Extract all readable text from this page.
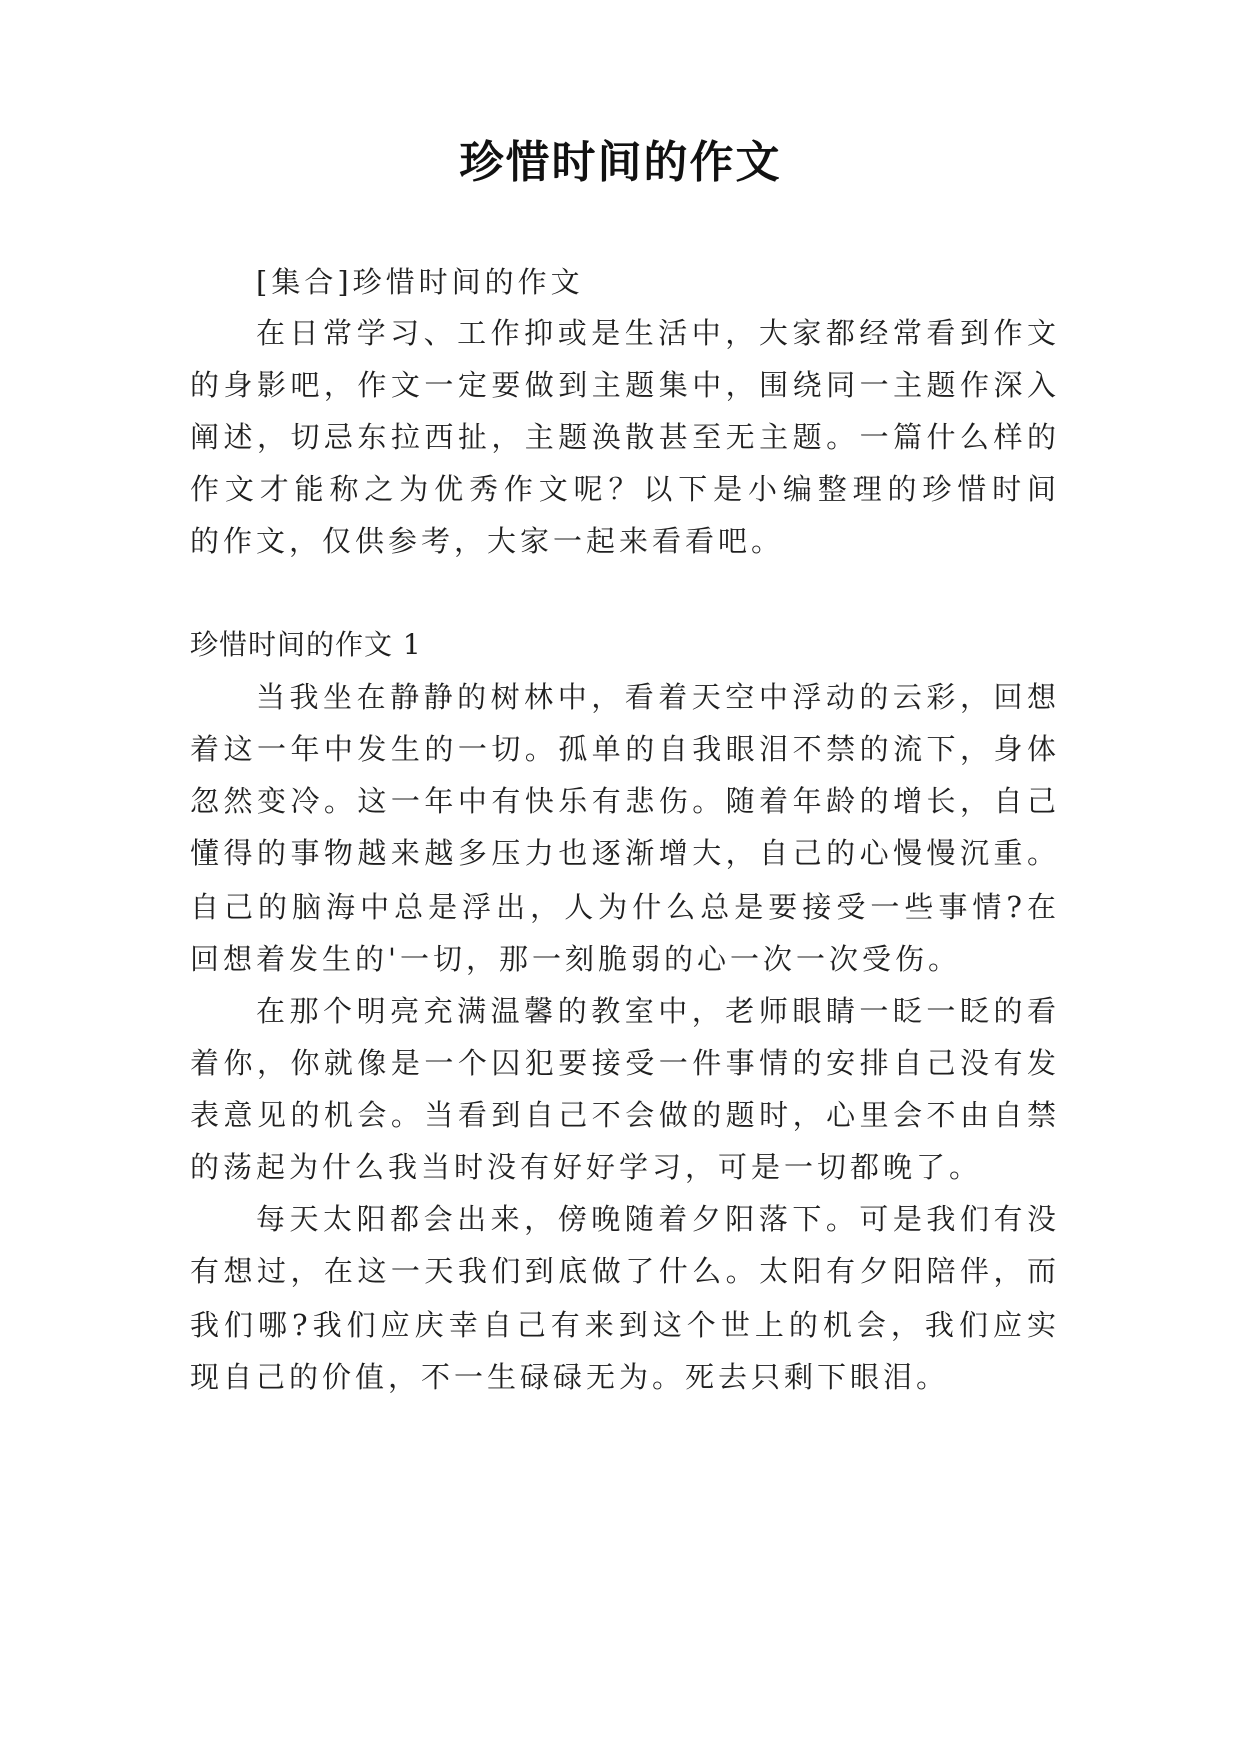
珍惜时间的作文
[集合]珍惜时间的作文
在日常学习、工作抑或是生活中，大家都经常看到作文
的身影吧，作文一定要做到主题集中，围绕同一主题作深入
阐述，切忌东拉西扯，主题涣散甚至无主题。一篇什么样的
作文才能称之为优秀作文呢？以下是小编整理的珍惜时间
的作文，仅供参考，大家一起来看看吧。
珍惜时间的作文 1
当我坐在静静的树林中，看着天空中浮动的云彩，回想
着这一年中发生的一切。孤单的自我眼泪不禁的流下，身体
忽然变冷。这一年中有快乐有悲伤。随着年龄的增长，自己
懂得的事物越来越多压力也逐渐增大，自己的心慢慢沉重。
自己的脑海中总是浮出，人为什么总是要接受一些事情?在
回想着发生的'一切，那一刻脆弱的心一次一次受伤。
在那个明亮充满温馨的教室中，老师眼睛一眨一眨的看
着你，你就像是一个囚犯要接受一件事情的安排自己没有发
表意见的机会。当看到自己不会做的题时，心里会不由自禁
的荡起为什么我当时没有好好学习，可是一切都晚了。
每天太阳都会出来，傍晚随着夕阳落下。可是我们有没
有想过，在这一天我们到底做了什么。太阳有夕阳陪伴，而
我们哪?我们应庆幸自己有来到这个世上的机会，我们应实
现自己的价值，不一生碌碌无为。死去只剩下眼泪。
